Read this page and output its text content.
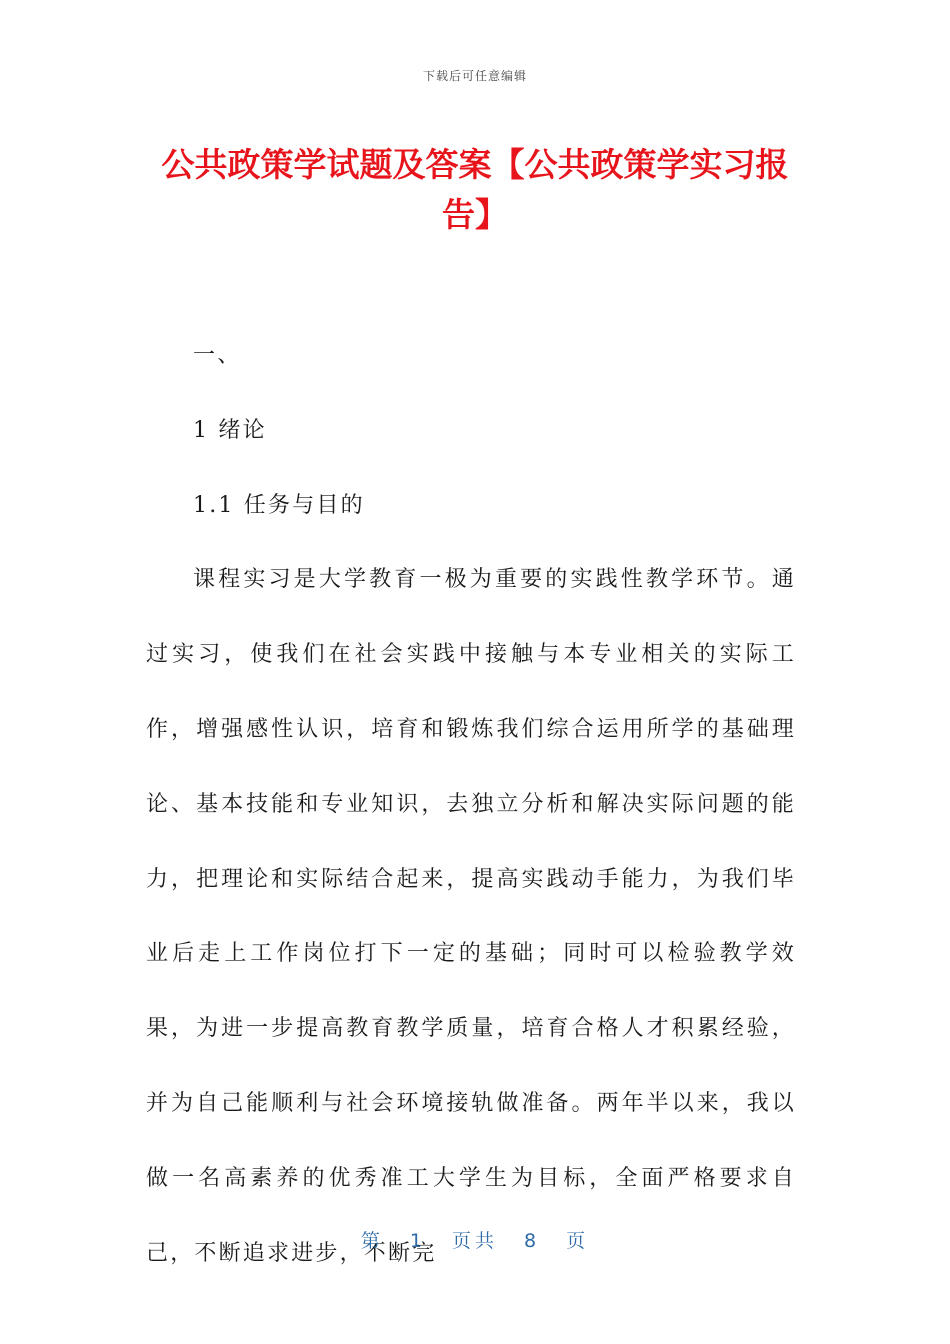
下载后可任意编辑
公共政策学试题及答案【公共政策学实习报告】

一、

1 绪论

1.1 任务与目的

课程实习是大学教育一极为重要的实践性教学环节。通过实习，使我们在社会实践中接触与本专业相关的实际工作，增强感性认识，培育和锻炼我们综合运用所学的基础理论、基本技能和专业知识，去独立分析和解决实际问题的能力，把理论和实际结合起来，提高实践动手能力，为我们毕业后走上工作岗位打下一定的基础；同时可以检验教学效果，为进一步提高教育教学质量，培育合格人才积累经验，并为自己能顺利与社会环境接轨做准备。两年半以来，我以做一名高素养的优秀准工大学生为目标，全面严格要求自己，不断追求进步，不断完

第 1 页共 8 页
